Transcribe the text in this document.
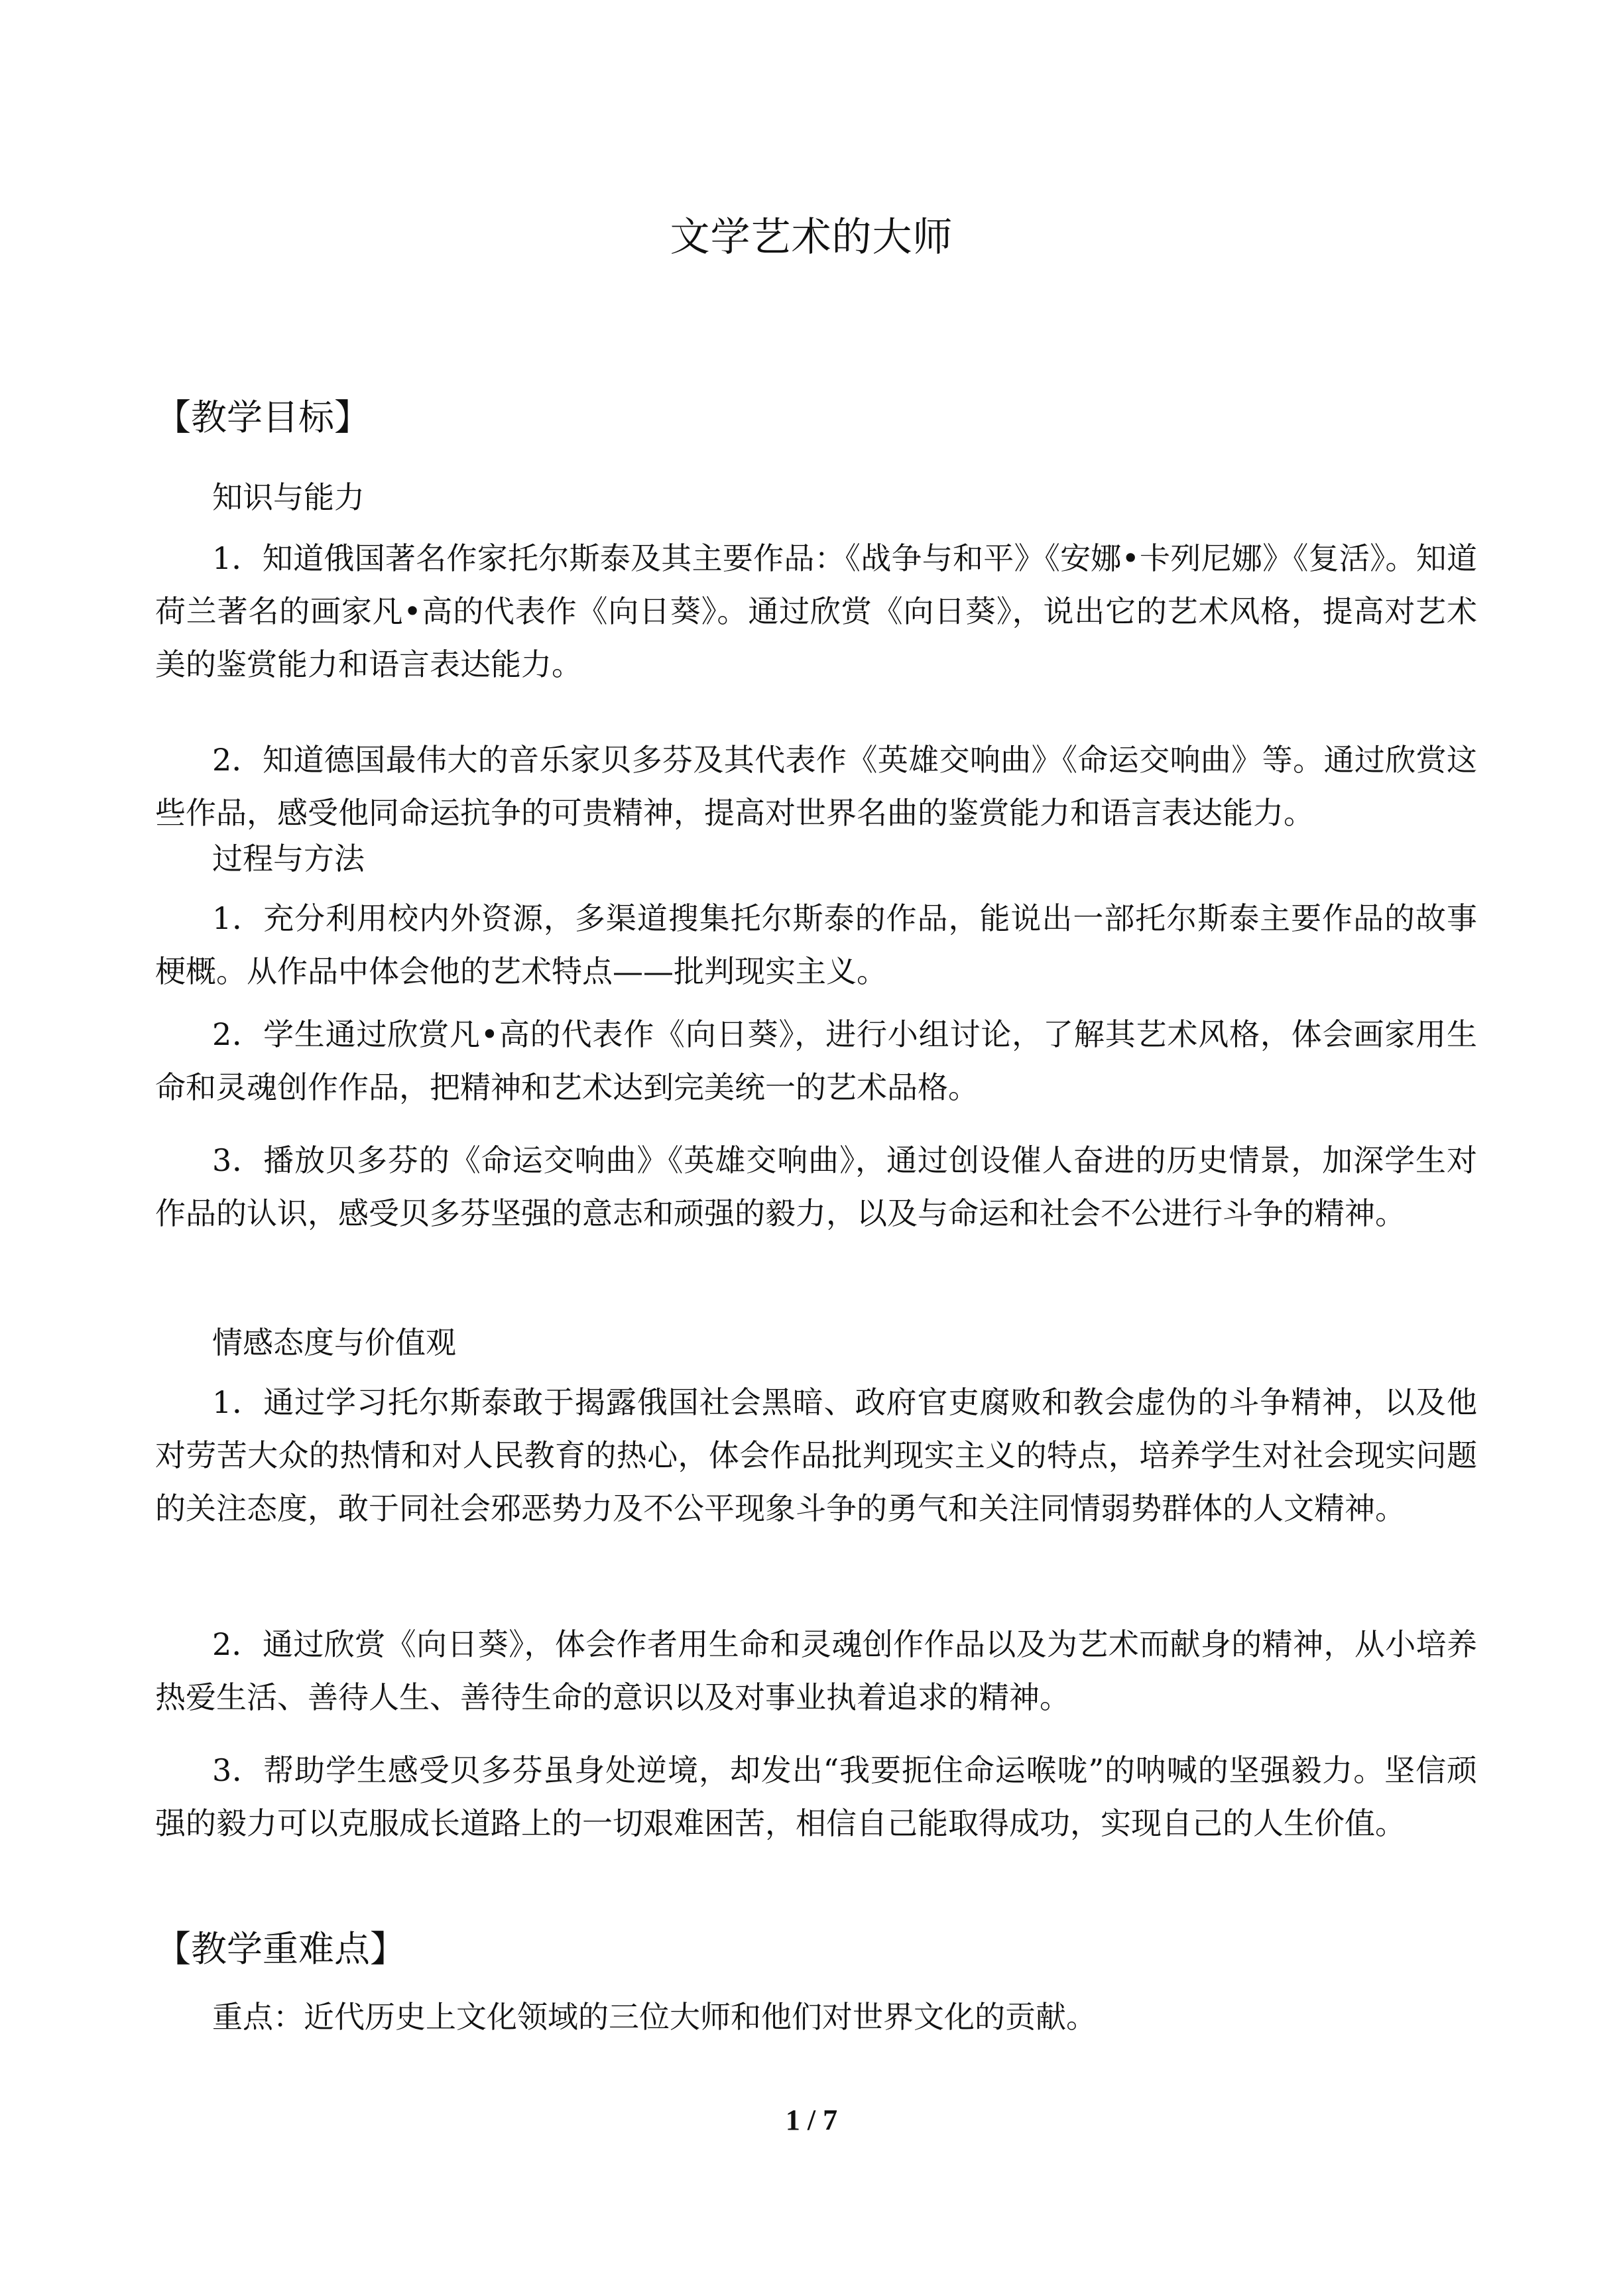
文学艺术的大师
【教学目标】
知识与能力

1．知道俄国著名作家托尔斯泰及其主要作品：《战争与和平》《安娜•卡列尼娜》《复活》。知道荷兰著名的画家凡•高的代表作《向日葵》。通过欣赏《向日葵》，说出它的艺术风格，提高对艺术美的鉴赏能力和语言表达能力。

2．知道德国最伟大的音乐家贝多芬及其代表作《英雄交响曲》《命运交响曲》等。通过欣赏这些作品，感受他同命运抗争的可贵精神，提高对世界名曲的鉴赏能力和语言表达能力。

过程与方法

1．充分利用校内外资源，多渠道搜集托尔斯泰的作品，能说出一部托尔斯泰主要作品的故事梗概。从作品中体会他的艺术特点——批判现实主义。

2．学生通过欣赏凡•高的代表作《向日葵》，进行小组讨论，了解其艺术风格，体会画家用生命和灵魂创作作品，把精神和艺术达到完美统一的艺术品格。

3．播放贝多芬的《命运交响曲》《英雄交响曲》，通过创设催人奋进的历史情景，加深学生对作品的认识，感受贝多芬坚强的意志和顽强的毅力，以及与命运和社会不公进行斗争的精神。

情感态度与价值观

1．通过学习托尔斯泰敢于揭露俄国社会黑暗、政府官吏腐败和教会虚伪的斗争精神，以及他对劳苦大众的热情和对人民教育的热心，体会作品批判现实主义的特点，培养学生对社会现实问题的关注态度，敢于同社会邪恶势力及不公平现象斗争的勇气和关注同情弱势群体的人文精神。

2．通过欣赏《向日葵》，体会作者用生命和灵魂创作作品以及为艺术而献身的精神，从小培养热爱生活、善待人生、善待生命的意识以及对事业执着追求的精神。

3．帮助学生感受贝多芬虽身处逆境，却发出“我要扼住命运喉咙”的呐喊的坚强毅力。坚信顽强的毅力可以克服成长道路上的一切艰难困苦，相信自己能取得成功，实现自己的人生价值。

【教学重难点】

重点：近代历史上文化领域的三位大师和他们对世界文化的贡献。

1 / 7
